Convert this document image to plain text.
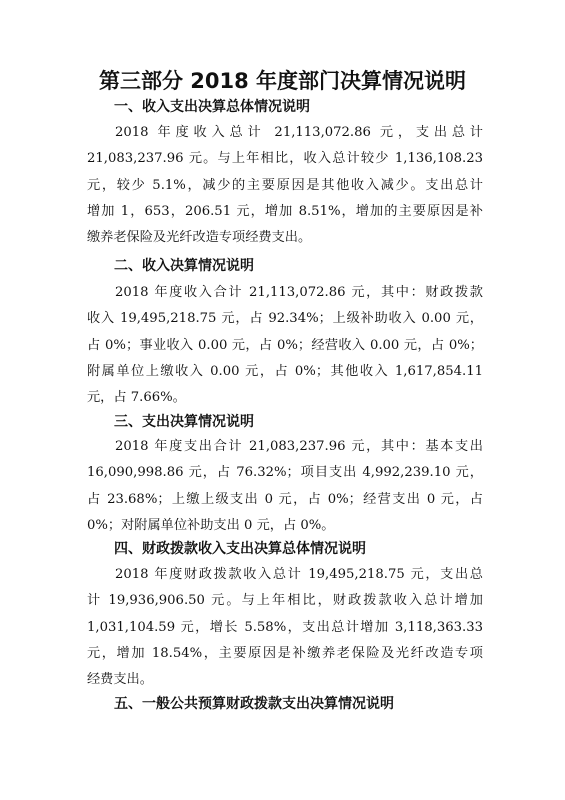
第三部分 2018 年度部门决算情况说明
一、收入支出决算总体情况说明
2018 年度收入总计 21,113,072.86 元，支出总计
21,083,237.96 元。与上年相比，收入总计较少 1,136,108.23
元，较少 5.1%，减少的主要原因是其他收入减少。支出总计
增加 1，653，206.51 元，增加 8.51%，增加的主要原因是补
缴养老保险及光纤改造专项经费支出。
二、收入决算情况说明
2018 年度收入合计 21,113,072.86 元，其中：财政拨款
收入 19,495,218.75 元，占 92.34%；上级补助收入 0.00 元，
占 0%；事业收入 0.00 元，占 0%；经营收入 0.00 元，占 0%；
附属单位上缴收入 0.00 元，占 0%；其他收入 1,617,854.11
元，占 7.66%。
三、支出决算情况说明
2018 年度支出合计 21,083,237.96 元，其中：基本支出
16,090,998.86 元，占 76.32%；项目支出 4,992,239.10 元，
占 23.68%；上缴上级支出 0 元，占 0%；经营支出 0 元，占
0%；对附属单位补助支出 0 元，占 0%。
四、财政拨款收入支出决算总体情况说明
2018 年度财政拨款收入总计 19,495,218.75 元，支出总
计 19,936,906.50 元。与上年相比，财政拨款收入总计增加
1,031,104.59 元，增长 5.58%，支出总计增加 3,118,363.33
元，增加 18.54%，主要原因是补缴养老保险及光纤改造专项
经费支出。
五、一般公共预算财政拨款支出决算情况说明
